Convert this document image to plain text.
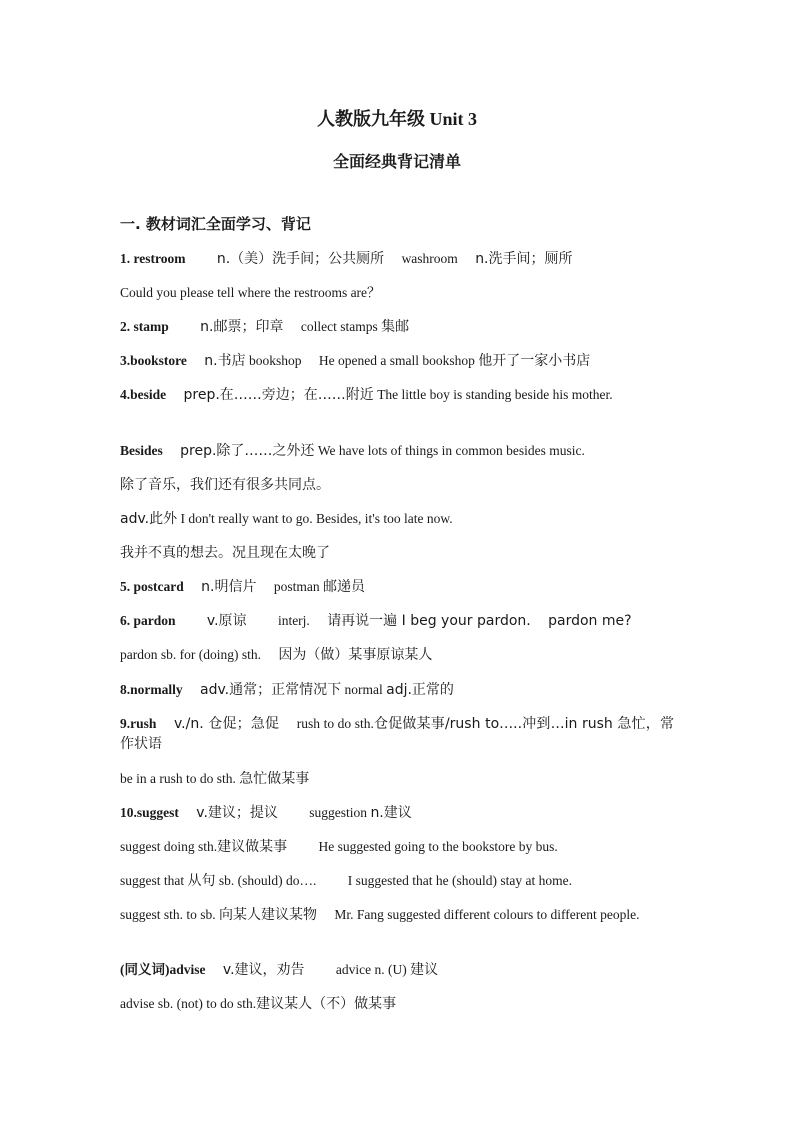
人教版九年级 Unit 3
全面经典背记清单
一. 教材词汇全面学习、背记
1. restroom n.（美）洗手间；公共厕所 washroom n.洗手间；厕所
Could you please tell where the restrooms are？
2. stamp n.邮票；印章 collect stamps 集邮
3.bookstore n.书店 bookshop He opened a small bookshop 他开了一家小书店
4.beside prep.在……旁边；在……附近 The little boy is standing beside his mother.
Besides prep.除了……之外还 We have lots of things in common besides music.
除了音乐，我们还有很多共同点。
adv.此外 I don't really want to go. Besides, it's too late now.
我并不真的想去。况且现在太晚了
5. postcard n.明信片 postman 邮递员
6. pardon v.原谅 interj. 请再说一遍 I beg your pardon. pardon me?
pardon sb. for (doing) sth. 因为（做）某事原谅某人
8.normally adv.通常；正常情况下 normal adj.正常的
9.rush v./n. 仓促；急促 rush to do sth.仓促做某事/rush to…..冲到…in rush 急忙，常作状语
be in a rush to do sth. 急忙做某事
10.suggest v.建议；提议 suggestion n.建议
suggest doing sth.建议做某事 He suggested going to the bookstore by bus.
suggest that 从句 sb. (should) do…. I suggested that he (should) stay at home.
suggest sth. to sb. 向某人建议某物 Mr. Fang suggested different colours to different people.
(同义词)advise v.建议，劝告 advice n. (U) 建议
advise sb. (not) to do sth.建议某人（不）做某事
